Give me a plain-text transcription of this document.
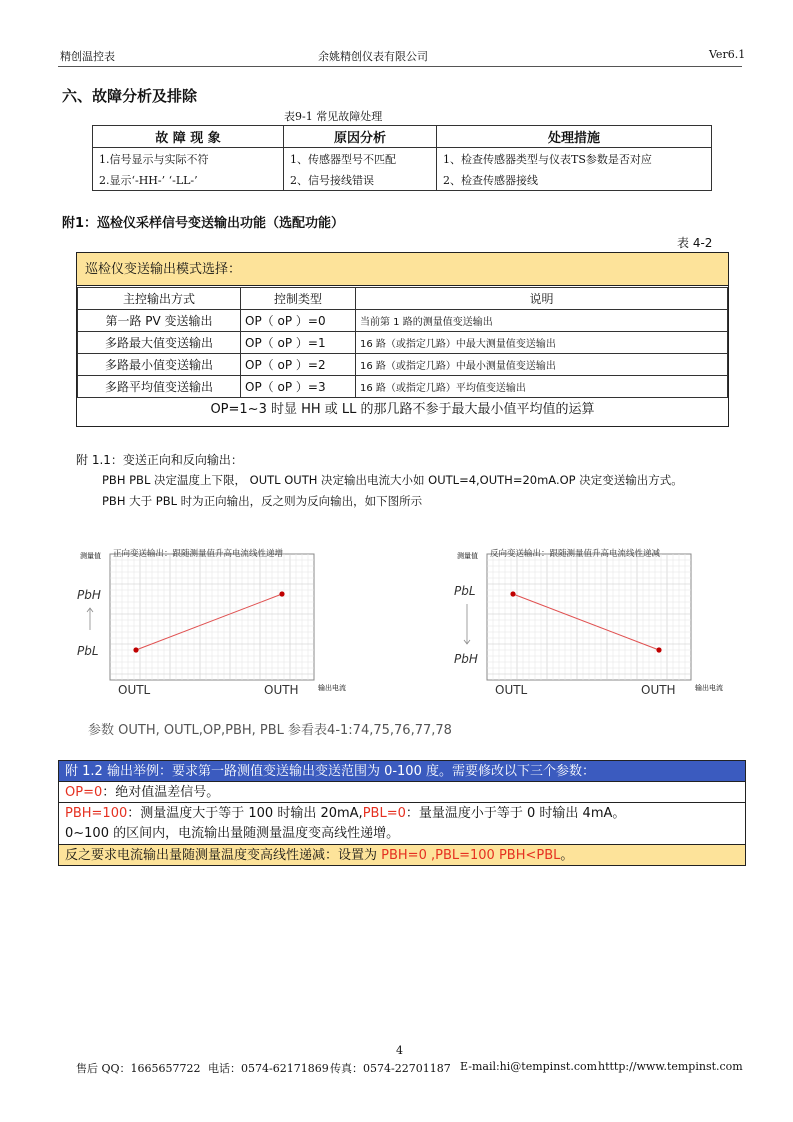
精创温控表	余姚精创仪表有限公司	Ver6.1
六、故障分析及排除
表9-1 常见故障处理
故 障 现 象	原因分析	处理措施
1.信号显示与实际不符	1、传感器型号不匹配	1、检查传感器类型与仪表TS参数是否对应
2.显示‘-HH-’ ‘-LL-’	2、信号接线错误	2、检查传感器接线
附1：巡检仪采样信号变送输出功能（选配功能）
表 4-2
巡检仪变送输出模式选择：
主控输出方式	控制类型	说明
第一路 PV 变送输出	OP（ oP ）=0	当前第 1 路的测量值变送输出
多路最大值变送输出	OP（ oP ）=1	16 路（或指定几路）中最大测量值变送输出
多路最小值变送输出	OP（ oP ）=2	16 路（或指定几路）中最小测量值变送输出
多路平均值变送输出	OP（ oP ）=3	16 路（或指定几路）平均值变送输出
OP=1~3 时显 HH 或 LL 的那几路不参于最大最小值平均值的运算
附 1.1：变送正向和反向输出：
PBH PBL 决定温度上下限， OUTL OUTH 决定输出电流大小如 OUTL=4,OUTH=20mA.OP 决定变送输出方式。
PBH 大于 PBL 时为正向输出，反之则为反向输出，如下图所示
测量值 正向变送输出：跟随测量值升高电流线性递增
输出电流
PbL
PbH
OUTL	OUTH
测量值 反向变送输出：跟随测量值升高电流线性递减
输出电流
PbL
PbH
OUTL	OUTH
参数 OUTH, OUTL,OP,PBH, PBL 参看表4-1:74,75,76,77,78
附 1.2 输出举例：要求第一路测值变送输出变送范围为 0-100 度。需要修改以下三个参数：
OP=0：绝对值温差信号。
PBH=100：测量温度大于等于 100 时输出 20mA,PBL=0：量量温度小于等于 0 时输出 4mA。
0~100 的区间内，电流输出量随测量温度变高线性递增。
反之要求电流输出量随测量温度变高线性递减：设置为 PBH=0 ,PBL=100 PBH<PBL。
4
售后 QQ：1665657722 电话：0574-62171869 传真：0574-22701187 E-mail:hi@tempinst.com htttp://www.tempinst.com
